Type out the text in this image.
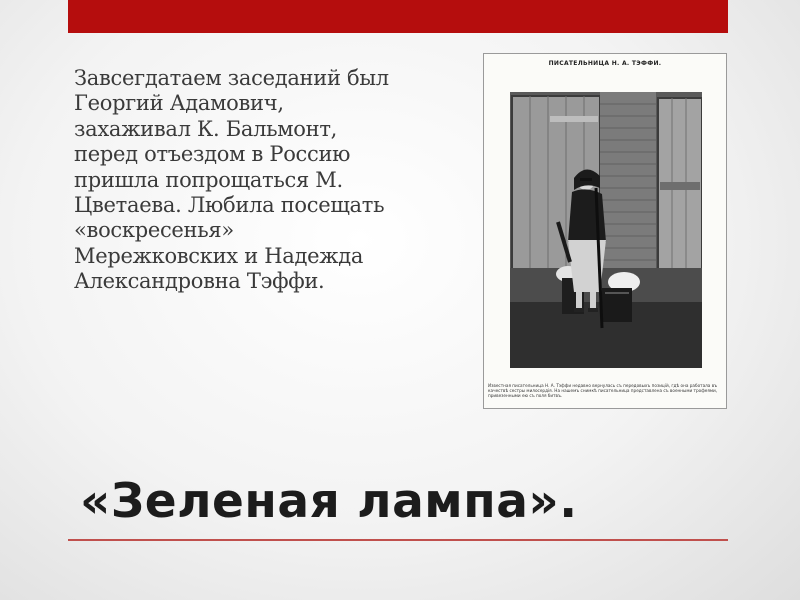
Завсегдатаем заседаний был Георгий Адамович, захаживал К. Бальмонт, перед отъездом в Россию пришла попрощаться М. Цветаева. Любила посещать «воскресенья» Мережковских и Надежда Александровна Тэффи.
ПИСАТЕЛЬНИЦА Н. А. ТЭФФИ.
Известная писательница Н. А. Тэффи недавно вернулась съ передовыхъ позицій, гдѣ она работала въ качествѣ сестры милосердія. На нашемъ снимкѣ писательница представлена съ военными трофеями, привезенными ею съ поля битвъ.
«Зеленая лампа».
